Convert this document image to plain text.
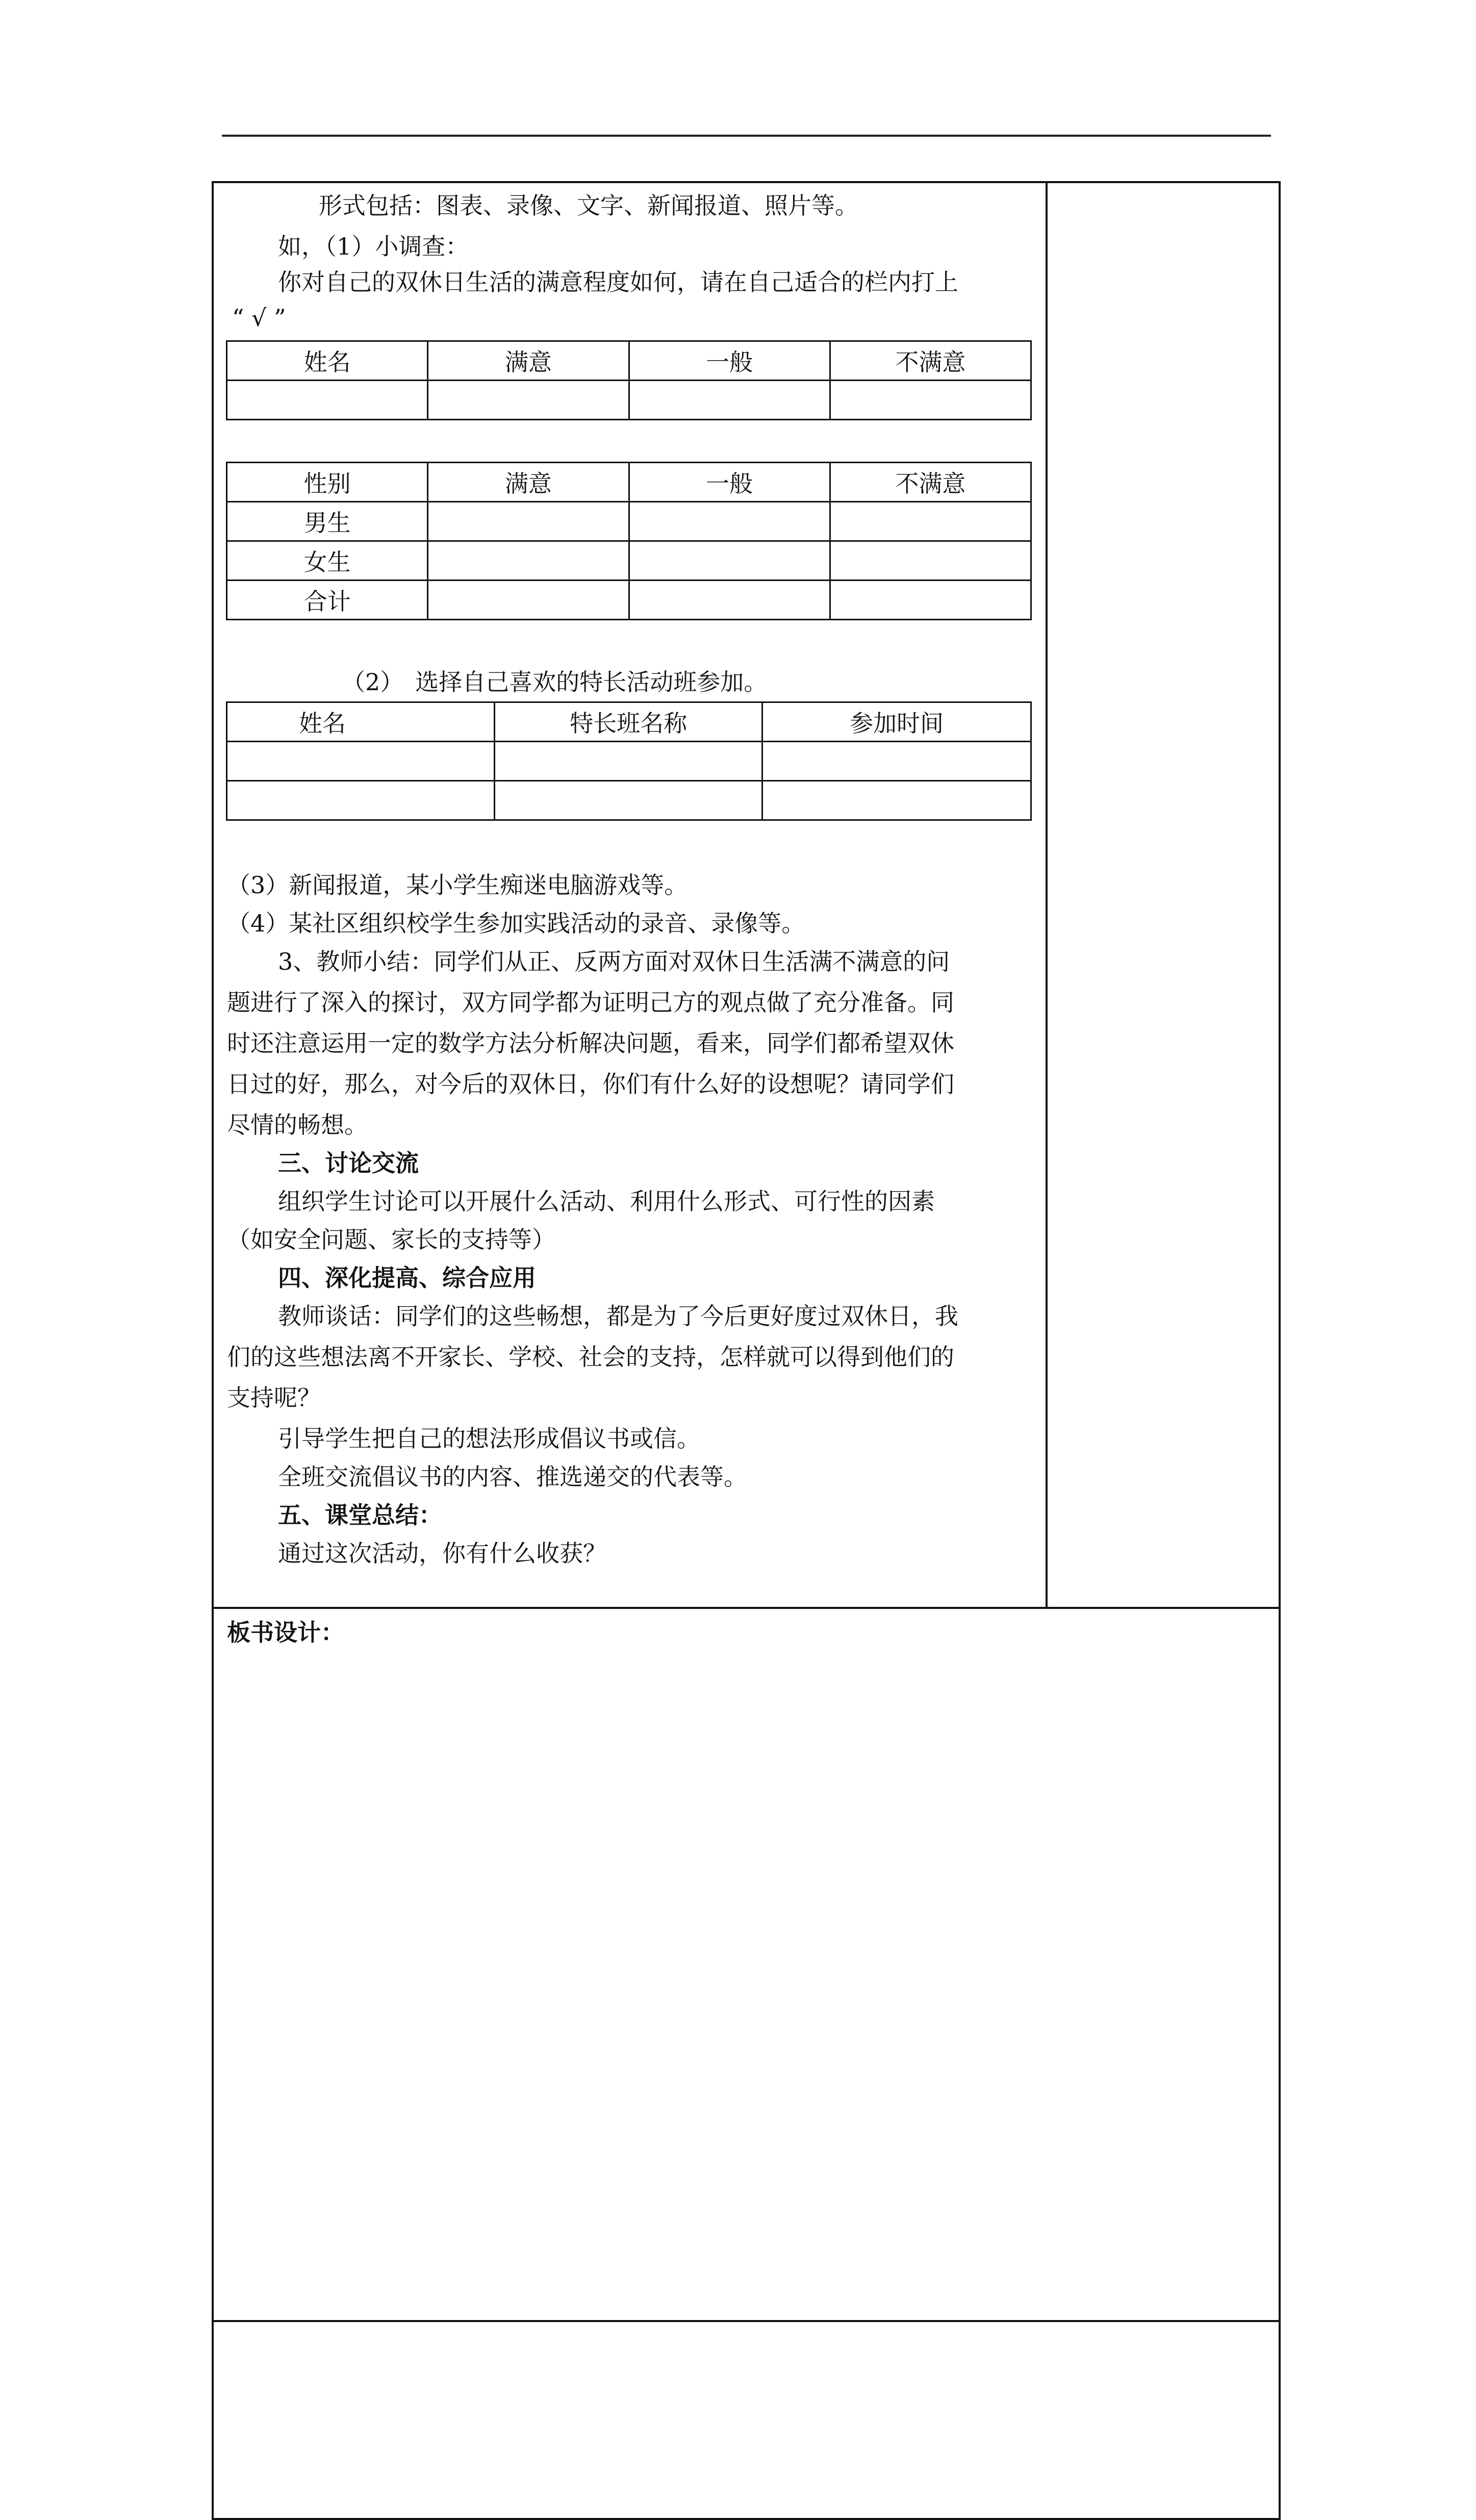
形式包括：图表、录像、文字、新闻报道、照片等。

如，（1）小调查：

你对自己的双休日生活的满意程度如何，请在自己适合的栏内打上

“ √ ”

姓名	满意	一般	不满意

性别	满意	一般	不满意
男生			
女生			
合计			

（2）　选择自己喜欢的特长活动班参加。

姓名	特长班名称	参加时间

（3）新闻报道，某小学生痴迷电脑游戏等。

（4）某社区组织校学生参加实践活动的录音、录像等。

3、教师小结：同学们从正、反两方面对双休日生活满不满意的问

题进行了深入的探讨，双方同学都为证明己方的观点做了充分准备。同

时还注意运用一定的数学方法分析解决问题，看来，同学们都希望双休

日过的好，那么，对今后的双休日，你们有什么好的设想呢？请同学们

尽情的畅想。

三、讨论交流

组织学生讨论可以开展什么活动、利用什么形式、可行性的因素

（如安全问题、家长的支持等）

四、深化提高、综合应用

教师谈话：同学们的这些畅想，都是为了今后更好度过双休日，我

们的这些想法离不开家长、学校、社会的支持，怎样就可以得到他们的

支持呢？

引导学生把自己的想法形成倡议书或信。

全班交流倡议书的内容、推选递交的代表等。

五、课堂总结：

通过这次活动，你有什么收获？

板书设计：
